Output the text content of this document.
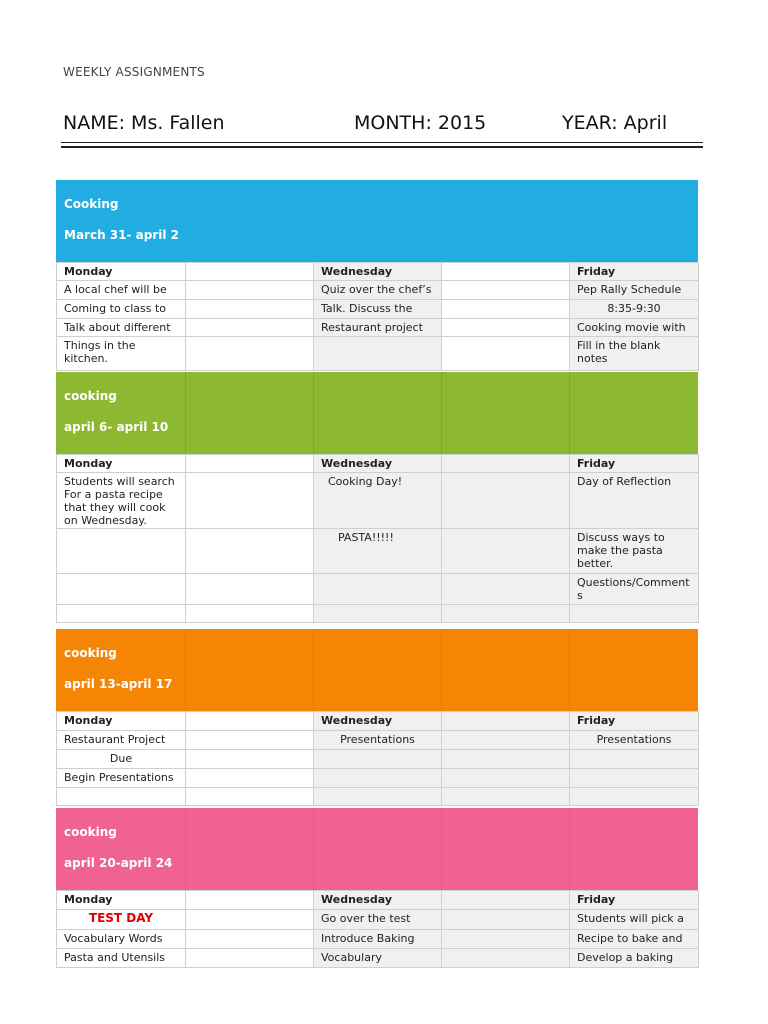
WEEKLY ASSIGNMENTS
NAME: Ms. Fallen	MONTH: 2015	YEAR: April
Cooking
March 31- april 2
Monday		Wednesday		Friday
A local chef will be		Quiz over the chef’s		Pep Rally Schedule
Coming to class to		Talk. Discuss the		8:35-9:30
Talk about different		Restaurant project		Cooking movie with
Things in the kitchen.				Fill in the blank notes
cooking
april 6- april 10
Monday		Wednesday		Friday
Students will search For a pasta recipe that they will cook on Wednesday.		Cooking Day!		Day of Reflection
		PASTA!!!!!		Discuss ways to make the pasta better.
				Questions/Comments

cooking
april 13-april 17
Monday		Wednesday		Friday
Restaurant Project		Presentations		Presentations
Due				
Begin Presentations				

cooking
april 20-april 24
Monday		Wednesday		Friday
TEST DAY		Go over the test		Students will pick a
Vocabulary Words		Introduce Baking		Recipe to bake and
Pasta and Utensils		Vocabulary		Develop a baking
